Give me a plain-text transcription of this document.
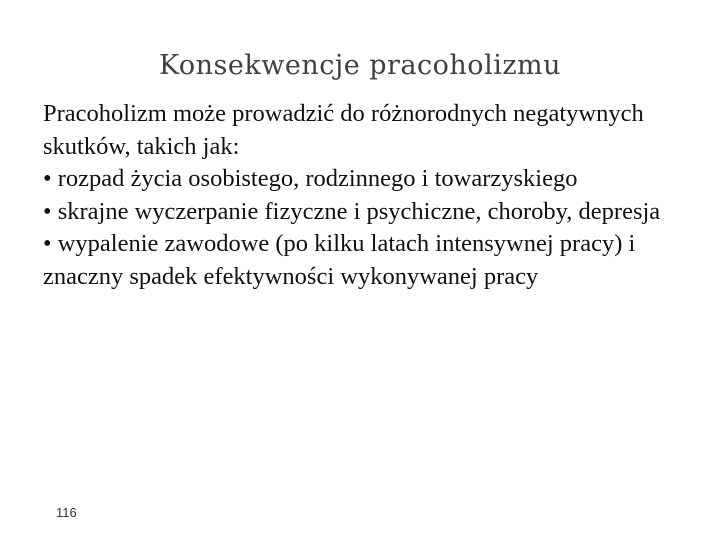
Konsekwencje pracoholizmu

Pracoholizm może prowadzić do różnorodnych negatywnych skutków, takich jak:

• rozpad życia osobistego, rodzinnego i towarzyskiego

• skrajne wyczerpanie fizyczne i psychiczne, choroby, depresja

• wypalenie zawodowe (po kilku latach intensywnej pracy) i znaczny spadek efektywności wykonywanej pracy

116
